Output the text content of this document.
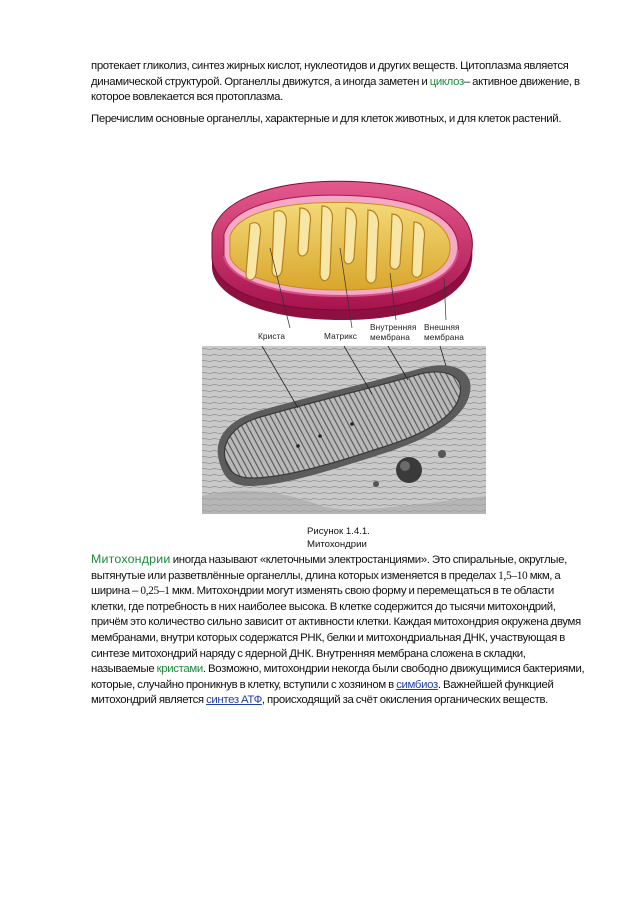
протекает гликолиз, синтез жирных кислот, нуклеотидов и других веществ. Цитоплазма является динамической структурой. Органеллы движутся, а иногда заметен и циклоз– активное движение, в которое вовлекается вся протоплазма.
Перечислим основные органеллы, характерные и для клеток животных, и для клеток растений.
Криста	Матрикс
Внутренняя
мембрана
Внешняя
мембрана
Рисунок 1.4.1.
Митохондрии
Митохондрии иногда называют «клеточными электростанциями». Это спиральные, округлые, вытянутые или разветвлённые органеллы, длина которых изменяется в пределах 1,5–10 мкм, а ширина – 0,25–1 мкм. Митохондрии могут изменять свою форму и перемещаться в те области клетки, где потребность в них наиболее высока. В клетке содержится до тысячи митохондрий, причём это количество сильно зависит от активности клетки. Каждая митохондрия окружена двумя мембранами, внутри которых содержатся РНК, белки и митохондриальная ДНК, участвующая в синтезе митохондрий наряду с ядерной ДНК. Внутренняя мембрана сложена в складки, называемые кристами. Возможно, митохондрии некогда были свободно движущимися бактериями, которые, случайно проникнув в клетку, вступили с хозяином в симбиоз. Важнейшей функцией митохондрий является синтез АТФ, происходящий за счёт окисления органических веществ.
